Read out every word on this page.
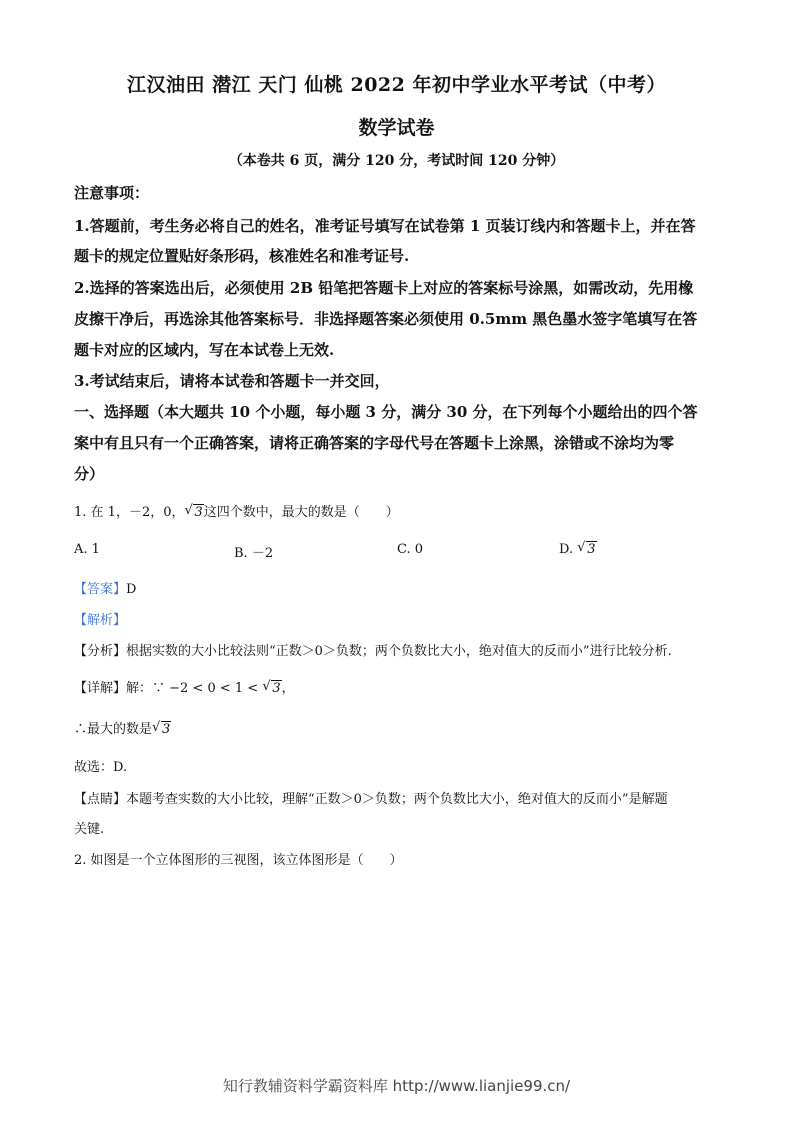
江汉油田 潜江 天门 仙桃 2022 年初中学业水平考试（中考）
数学试卷
（本卷共 6 页，满分 120 分，考试时间 120 分钟）
注意事项：
1.答题前，考生务必将自己的姓名，准考证号填写在试卷第 1 页装订线内和答题卡上，并在答
题卡的规定位置贴好条形码，核准姓名和准考证号.
2.选择的答案选出后，必须使用 2B 铅笔把答题卡上对应的答案标号涂黑，如需改动，先用橡
皮擦干净后，再选涂其他答案标号．非选择题答案必须使用 0.5mm 黑色墨水签字笔填写在答
题卡对应的区域内，写在本试卷上无效.
3.考试结束后，请将本试卷和答题卡一并交回，
一、选择题（本大题共 10 个小题，每小题 3 分，满分 30 分，在下列每个小题给出的四个答
案中有且只有一个正确答案，请将正确答案的字母代号在答题卡上涂黑，涂错或不涂均为零
分）
1. 在 1，－2，0， √ 3这四个数中，最大的数是（　　）
A. 1	B. －2	C. 0	D. √ 3
【答案】D
【解析】
【分析】根据实数的大小比较法则“正数＞0＞负数；两个负数比大小，绝对值大的反而小”进行比较分析.
【详解】解：∵ −2 < 0 < 1 < √ 3，
∴最大的数是 √ 3
故选：D.
【点睛】本题考查实数的大小比较，理解“正数＞0＞负数；两个负数比大小，绝对值大的反而小”是解题
关键.
2. 如图是一个立体图形的三视图，该立体图形是（　　）
知行教辅资料学霸资料库 http://www.lianjie99.cn/
